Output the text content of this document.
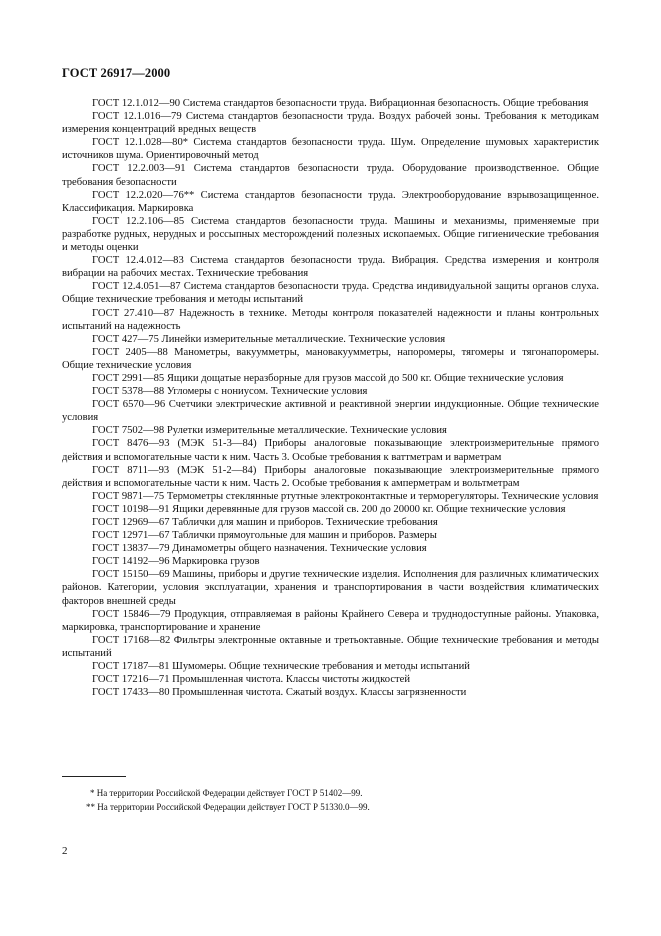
ГОСТ 26917—2000

ГОСТ 12.1.012—90 Система стандартов безопасности труда. Вибрационная безопасность. Общие требования

ГОСТ 12.1.016—79 Система стандартов безопасности труда. Воздух рабочей зоны. Требования к методикам измерения концентраций вредных веществ

ГОСТ 12.1.028—80* Система стандартов безопасности труда. Шум. Определение шумовых характеристик источников шума. Ориентировочный метод

ГОСТ 12.2.003—91 Система стандартов безопасности труда. Оборудование производственное. Общие требования безопасности

ГОСТ 12.2.020—76** Система стандартов безопасности труда. Электрооборудование взрывозащищенное. Классификация. Маркировка

ГОСТ 12.2.106—85 Система стандартов безопасности труда. Машины и механизмы, применяемые при разработке рудных, нерудных и россыпных месторождений полезных ископаемых. Общие гигиенические требования и методы оценки

ГОСТ 12.4.012—83 Система стандартов безопасности труда. Вибрация. Средства измерения и контроля вибрации на рабочих местах. Технические требования

ГОСТ 12.4.051—87 Система стандартов безопасности труда. Средства индивидуальной защиты органов слуха. Общие технические требования и методы испытаний

ГОСТ 27.410—87 Надежность в технике. Методы контроля показателей надежности и планы контрольных испытаний на надежность

ГОСТ 427—75 Линейки измерительные металлические. Технические условия

ГОСТ 2405—88 Манометры, вакуумметры, мановакуумметры, напоромеры, тягомеры и тягонапоромеры. Общие технические условия

ГОСТ 2991—85 Ящики дощатые неразборные для грузов массой до 500 кг. Общие технические условия

ГОСТ 5378—88 Угломеры с нониусом. Технические условия

ГОСТ 6570—96 Счетчики электрические активной и реактивной энергии индукционные. Общие технические условия

ГОСТ 7502—98 Рулетки измерительные металлические. Технические условия

ГОСТ 8476—93 (МЭК 51-3—84) Приборы аналоговые показывающие электроизмерительные прямого действия и вспомогательные части к ним. Часть 3. Особые требования к ваттметрам и варметрам

ГОСТ 8711—93 (МЭК 51-2—84) Приборы аналоговые показывающие электроизмерительные прямого действия и вспомогательные части к ним. Часть 2. Особые требования к амперметрам и вольтметрам

ГОСТ 9871—75 Термометры стеклянные ртутные электроконтактные и терморегуляторы. Технические условия

ГОСТ 10198—91 Ящики деревянные для грузов массой св. 200 до 20000 кг. Общие технические условия

ГОСТ 12969—67 Таблички для машин и приборов. Технические требования

ГОСТ 12971—67 Таблички прямоугольные для машин и приборов. Размеры

ГОСТ 13837—79 Динамометры общего назначения. Технические условия

ГОСТ 14192—96 Маркировка грузов

ГОСТ 15150—69 Машины, приборы и другие технические изделия. Исполнения для различных климатических районов. Категории, условия эксплуатации, хранения и транспортирования в части воздействия климатических факторов внешней среды

ГОСТ 15846—79 Продукция, отправляемая в районы Крайнего Севера и труднодоступные районы. Упаковка, маркировка, транспортирование и хранение

ГОСТ 17168—82 Фильтры электронные октавные и третьоктавные. Общие технические требования и методы испытаний

ГОСТ 17187—81 Шумомеры. Общие технические требования и методы испытаний

ГОСТ 17216—71 Промышленная чистота. Классы чистоты жидкостей

ГОСТ 17433—80 Промышленная чистота. Сжатый воздух. Классы загрязненности

* На территории Российской Федерации действует ГОСТ Р 51402—99.
** На территории Российской Федерации действует ГОСТ Р 51330.0—99.
2
